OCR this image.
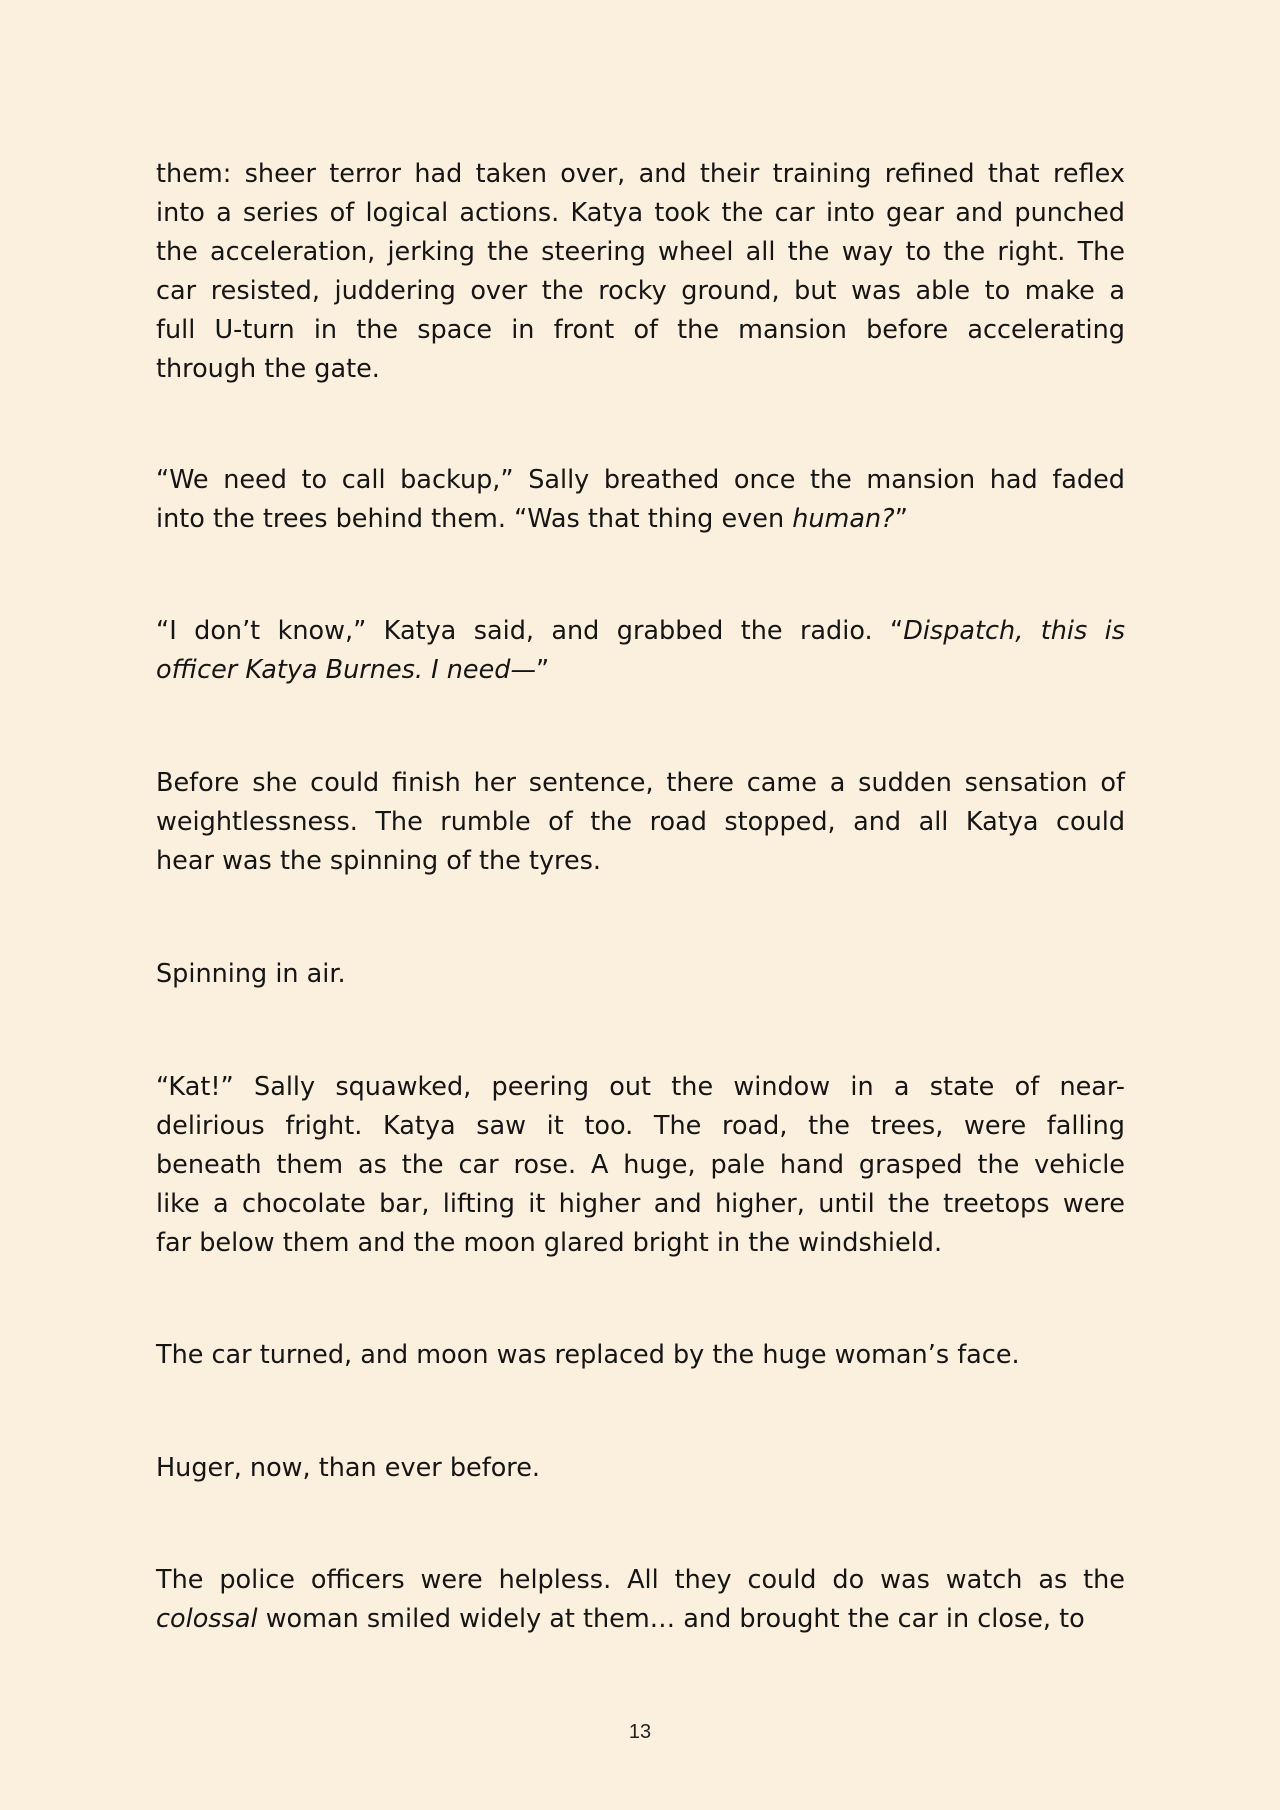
them: sheer terror had taken over, and their training refined that reflex
into a series of logical actions. Katya took the car into gear and punched
the acceleration, jerking the steering wheel all the way to the right. The
car resisted, juddering over the rocky ground, but was able to make a
full U-turn in the space in front of the mansion before accelerating
through the gate.
“We need to call backup,” Sally breathed once the mansion had faded
into the trees behind them. “Was that thing even human?”
“I don’t know,” Katya said, and grabbed the radio. “Dispatch, this is
officer Katya Burnes. I need—”
Before she could finish her sentence, there came a sudden sensation of
weightlessness. The rumble of the road stopped, and all Katya could
hear was the spinning of the tyres.
Spinning in air.
“Kat!” Sally squawked, peering out the window in a state of near-
delirious fright. Katya saw it too. The road, the trees, were falling
beneath them as the car rose. A huge, pale hand grasped the vehicle
like a chocolate bar, lifting it higher and higher, until the treetops were
far below them and the moon glared bright in the windshield.
The car turned, and moon was replaced by the huge woman’s face.
Huger, now, than ever before.
The police officers were helpless. All they could do was watch as the
colossal woman smiled widely at them… and brought the car in close, to
13
